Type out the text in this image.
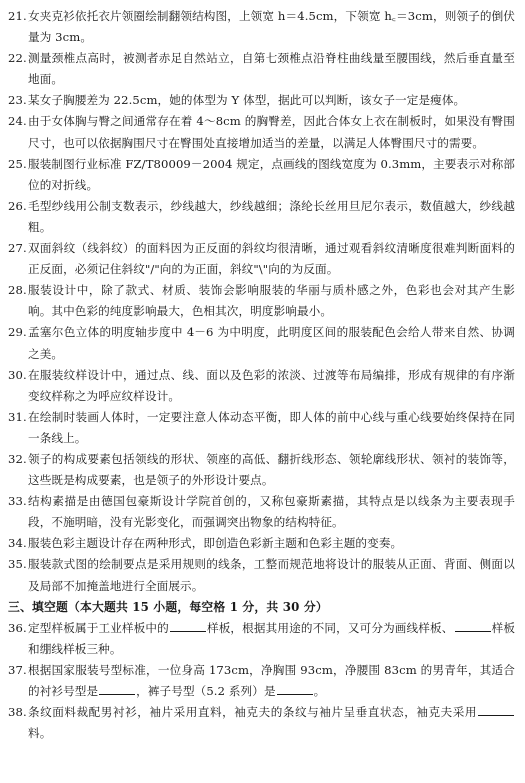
21. 女夹克衫依托衣片领圈绘制翻领结构图，上领宽 h＝4.5cm，下领宽 h꜀＝3cm，则领子的倒伏量为 3cm。
22. 测量颈椎点高时，被测者赤足自然站立，自第七颈椎点沿脊柱曲线量至腰围线，然后垂直量至地面。
23. 某女子胸腰差为 22.5cm，她的体型为 Y 体型，据此可以判断，该女子一定是瘦体。
24. 由于女体胸与臀之间通常存在着 4～8cm 的胸臀差，因此合体女上衣在制板时，如果没有臀围尺寸，也可以依据胸围尺寸在臀围处直接增加适当的差量，以满足人体臀围尺寸的需要。
25. 服装制图行业标准 FZ/T80009－2004 规定，点画线的图线宽度为 0.3mm，主要表示对称部位的对折线。
26. 毛型纱线用公制支数表示，纱线越大，纱线越细；涤纶长丝用旦尼尔表示，数值越大，纱线越粗。
27. 双面斜纹（线斜纹）的面料因为正反面的斜纹均很清晰，通过观看斜纹清晰度很难判断面料的正反面，必须记住斜纹"/"向的为正面，斜纹"\"向的为反面。
28. 服装设计中，除了款式、材质、装饰会影响服装的华丽与质朴感之外，色彩也会对其产生影响。其中色彩的纯度影响最大，色相其次，明度影响最小。
29. 孟塞尔色立体的明度轴步度中 4－6 为中明度，此明度区间的服装配色会给人带来自然、协调之美。
30. 在服装纹样设计中，通过点、线、面以及色彩的浓淡、过渡等布局编排，形成有规律的有序渐变纹样称之为呼应纹样设计。
31. 在绘制时装画人体时，一定要注意人体动态平衡，即人体的前中心线与重心线要始终保持在同一条线上。
32. 领子的构成要素包括领线的形状、领座的高低、翻折线形态、领轮廓线形状、领衬的装饰等，这些既是构成要素，也是领子的外形设计要点。
33. 结构素描是由德国包豪斯设计学院首创的，又称包豪斯素描，其特点是以线条为主要表现手段，不施明暗，没有光影变化，而强调突出物象的结构特征。
34. 服装色彩主题设计存在两种形式，即创造色彩新主题和色彩主题的变奏。
35. 服装款式图的绘制要点是采用规则的线条，工整而规范地将设计的服装从正面、背面、侧面以及局部不加掩盖地进行全面展示。
三、填空题（本大题共 15 小题，每空格 1 分，共 30 分）
36. 定型样板属于工业样板中的	样板，根据其用途的不同，又可分为画线样板、	样板和绷线样板三种。
37. 根据国家服装号型标准，一位身高 173cm，净胸围 93cm，净腰围 83cm 的男青年，其适合的衬衫号型是	，裤子号型（5.2 系列）是	。
38. 条纹面料裁配男衬衫，袖片采用直料，袖克夫的条纹与袖片呈垂直状态，袖克夫采用料。
